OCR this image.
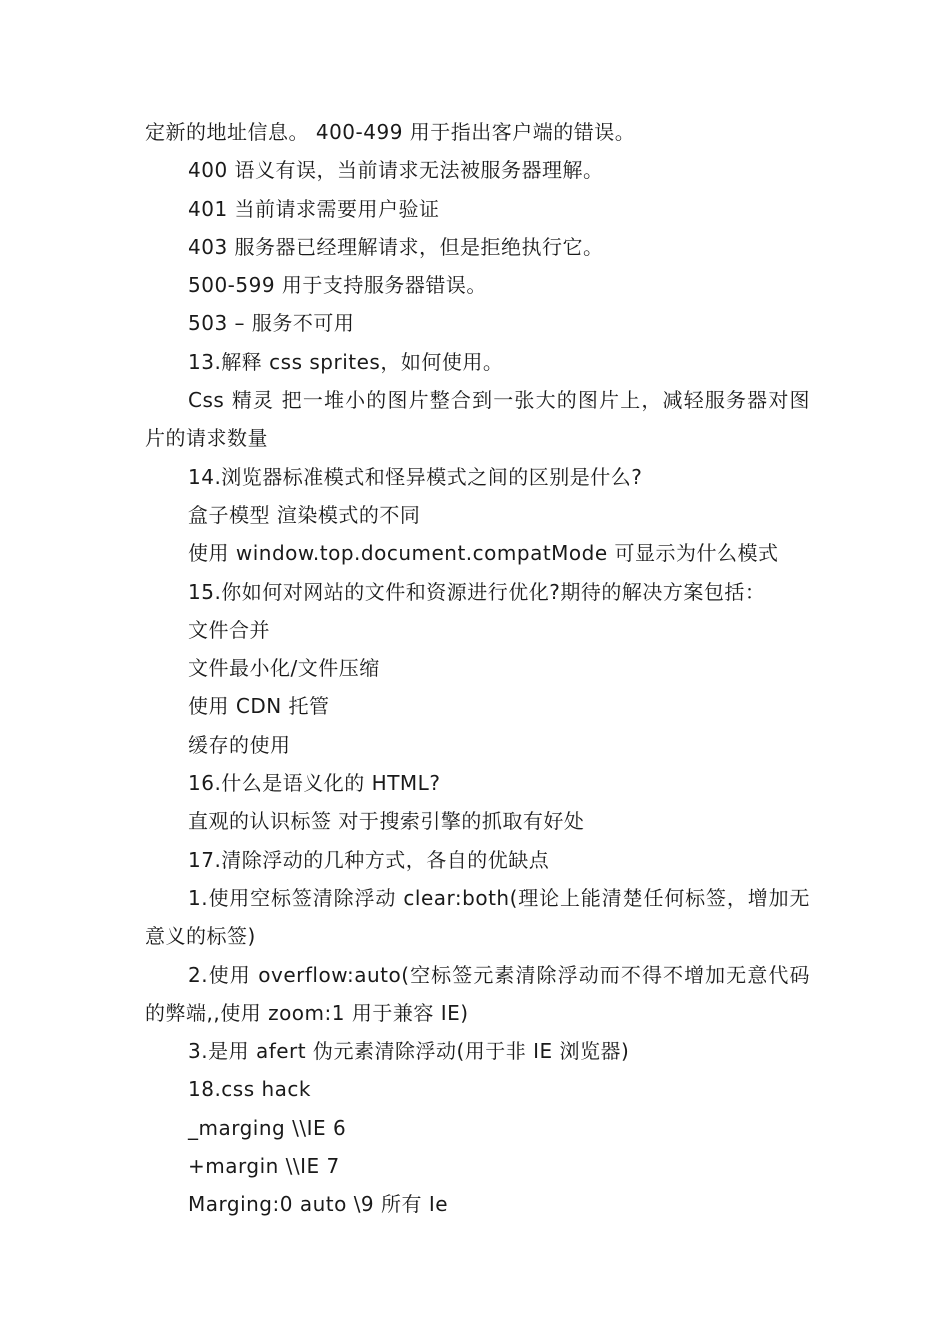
定新的地址信息。 400-499 用于指出客户端的错误。
400 语义有误，当前请求无法被服务器理解。
401 当前请求需要用户验证
403 服务器已经理解请求，但是拒绝执行它。
500-599 用于支持服务器错误。
503 – 服务不可用
13.解释 css sprites，如何使用。
Css 精灵 把一堆小的图片整合到一张大的图片上，减轻服务器对图片的请求数量
14.浏览器标准模式和怪异模式之间的区别是什么?
盒子模型 渲染模式的不同
使用 window.top.document.compatMode 可显示为什么模式
15.你如何对网站的文件和资源进行优化?期待的解决方案包括：
文件合并
文件最小化/文件压缩
使用 CDN 托管
缓存的使用
16.什么是语义化的 HTML?
直观的认识标签 对于搜索引擎的抓取有好处
17.清除浮动的几种方式，各自的优缺点
1.使用空标签清除浮动 clear:both(理论上能清楚任何标签，增加无意义的标签)
2.使用 overflow:auto(空标签元素清除浮动而不得不增加无意代码的弊端,,使用 zoom:1 用于兼容 IE)
3.是用 afert 伪元素清除浮动(用于非 IE 浏览器)
18.css hack
_marging \\IE 6
+margin \\IE 7
Marging:0 auto \9 所有 Ie
